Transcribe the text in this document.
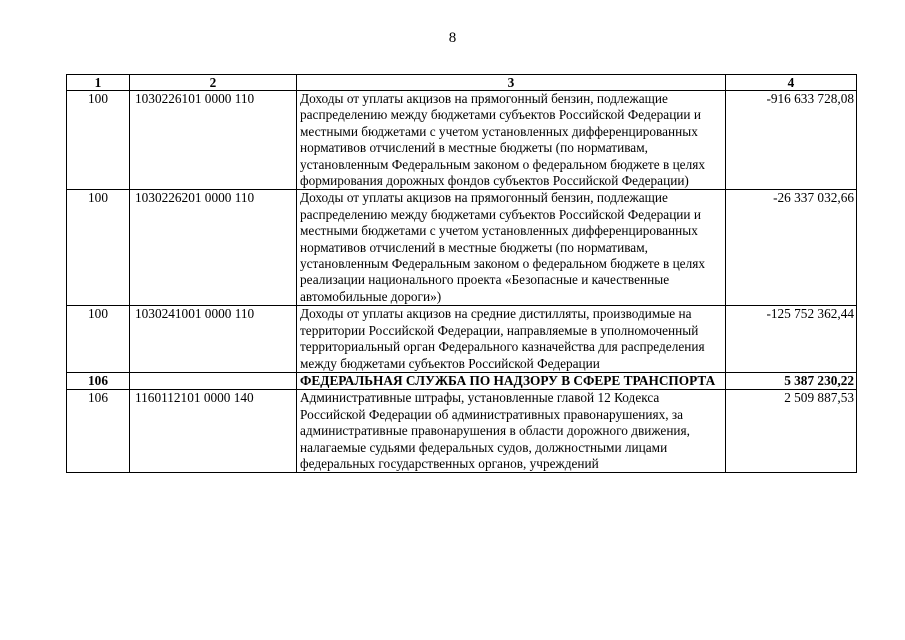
8
1	2	3	4
100	1030226101 0000 110	Доходы от уплаты акцизов на прямогонный бензин, подлежащие распределению между бюджетами субъектов Российской Федерации и местными бюджетами с учетом установленных дифференцированных нормативов отчислений в местные бюджеты (по нормативам, установленным Федеральным законом о федеральном бюджете в целях формирования дорожных фондов субъектов Российской Федерации)	-916 633 728,08
100	1030226201 0000 110	Доходы от уплаты акцизов на прямогонный бензин, подлежащие распределению между бюджетами субъектов Российской Федерации и местными бюджетами с учетом установленных дифференцированных нормативов отчислений в местные бюджеты (по нормативам, установленным Федеральным законом о федеральном бюджете в целях реализации национального проекта «Безопасные и качественные автомобильные дороги»)	-26 337 032,66
100	1030241001 0000 110	Доходы от уплаты акцизов на средние дистилляты, производимые на территории Российской Федерации, направляемые в уполномоченный территориальный орган Федерального казначейства для распределения между бюджетами субъектов Российской Федерации	-125 752 362,44
106		ФЕДЕРАЛЬНАЯ СЛУЖБА ПО НАДЗОРУ В СФЕРЕ ТРАНСПОРТА	5 387 230,22
106	1160112101 0000 140	Административные штрафы, установленные главой 12 Кодекса Российской Федерации об административных правонарушениях, за административные правонарушения в области дорожного движения, налагаемые судьями федеральных судов, должностными лицами федеральных государственных органов, учреждений	2 509 887,53
